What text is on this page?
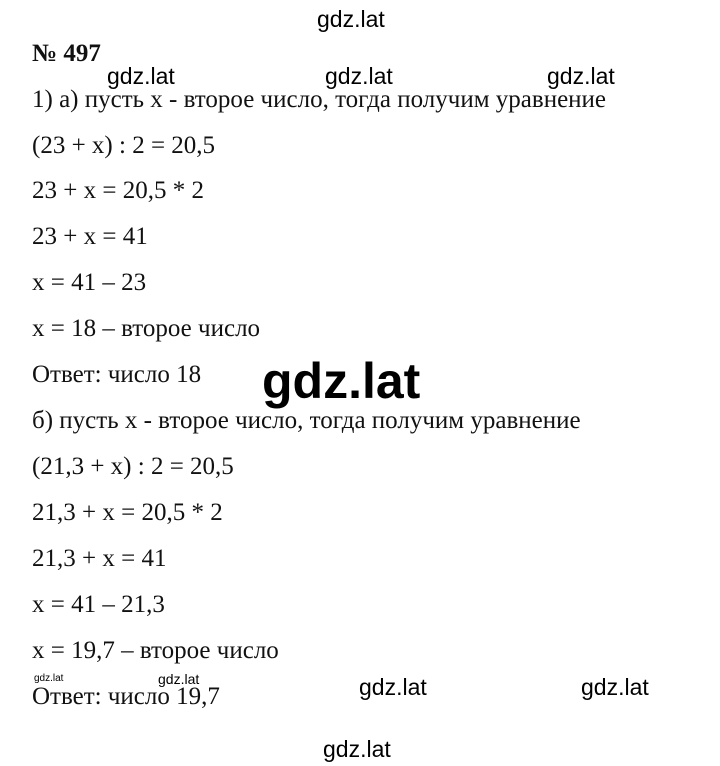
gdz.lat
№ 497
gdz.lat	gdz.lat	gdz.lat
1) а) пусть x - второе число, тогда получим уравнение
(23 + x) : 2 = 20,5
23 + x = 20,5 * 2
23 + x = 41
x = 41 – 23
x = 18 – второе число
Ответ: число 18 gdz.lat
б) пусть x - второе число, тогда получим уравнение
(21,3 + x) : 2 = 20,5
21,3 + x = 20,5 * 2
21,3 + x = 41
x = 41 – 21,3
x = 19,7 – второе число
Ответ: число 19,7
gdz.lat	gdz.lat	gdz.lat	gdz.lat
gdz.lat
